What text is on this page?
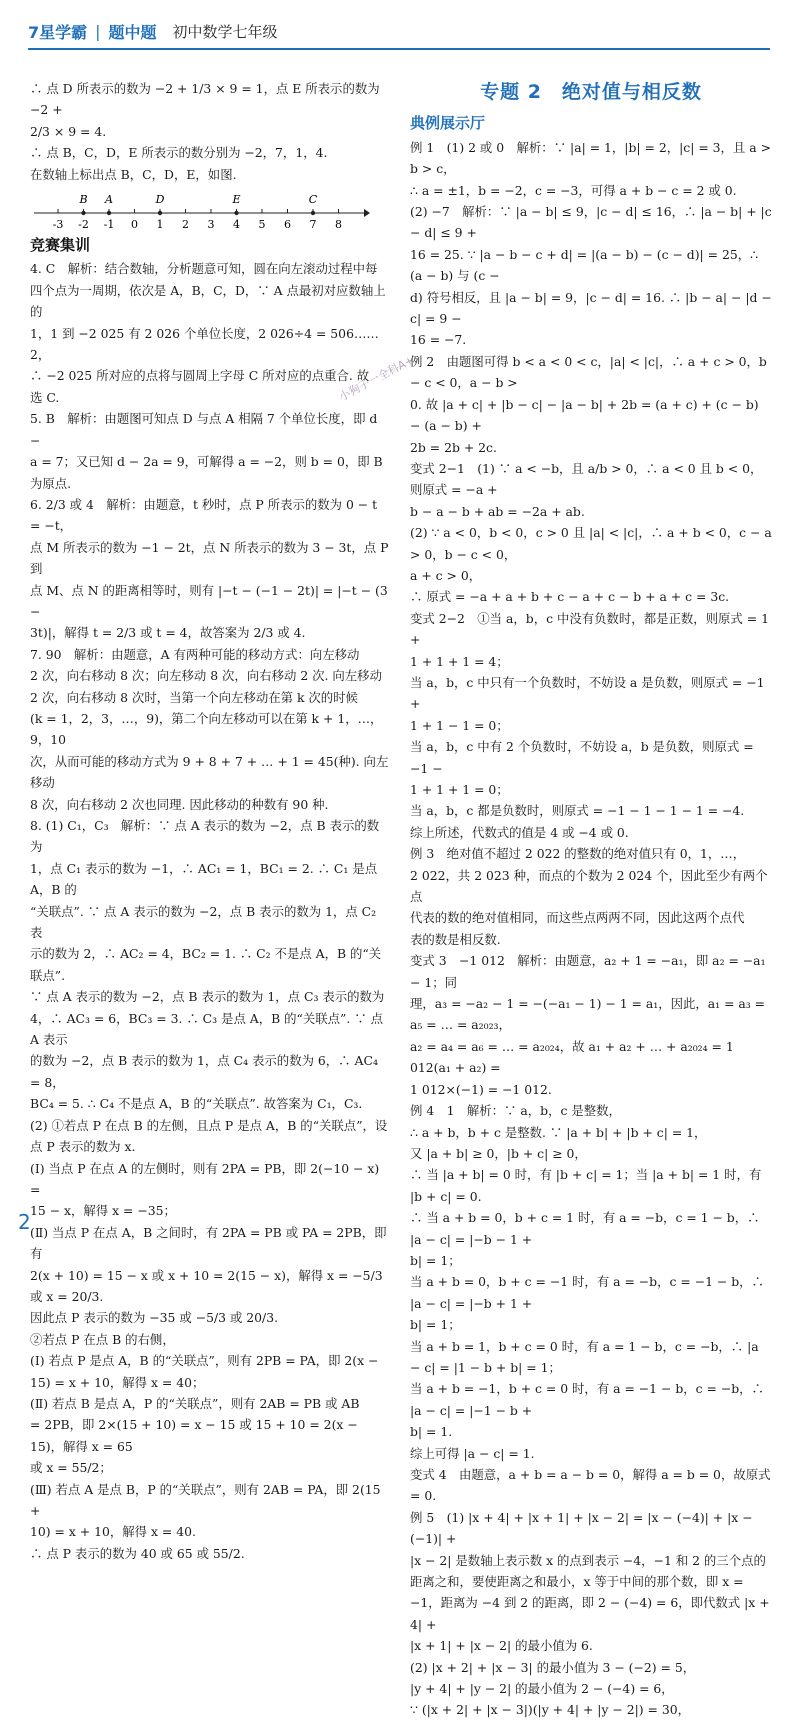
7星学霸 | 题中题 初中数学七年级

∴ 点 D 所表示的数为 −2 + 1/3 × 9 = 1，点 E 所表示的数为 −2 +

2/3 × 9 = 4.

∴ 点 B，C，D，E 所表示的数分别为 −2，7，1，4.

在数轴上标出点 B，C，D，E，如图.

-3 -2 -1 0 1 2 3 4 5 6 7 8
B A	D	E	C
竞赛集训

4. C　解析：结合数轴，分析题意可知，圆在向左滚动过程中每

四个点为一周期，依次是 A，B，C，D，∵ A 点最初对应数轴上的

1，1 到 −2 025 有 2 026 个单位长度，2 026÷4 = 506……2，

∴ −2 025 所对应的点将与圆周上字母 C 所对应的点重合. 故

选 C.

5. B　解析：由题图可知点 D 与点 A 相隔 7 个单位长度，即 d −

a = 7；又已知 d − 2a = 9，可解得 a = −2，则 b = 0，即 B 为原点.

6. 2/3 或 4　解析：由题意，t 秒时，点 P 所表示的数为 0 − t = −t，

点 M 所表示的数为 −1 − 2t，点 N 所表示的数为 3 − 3t，点 P 到

点 M、点 N 的距离相等时，则有 |−t − (−1 − 2t)| = |−t − (3 −

3t)|，解得 t = 2/3 或 t = 4，故答案为 2/3 或 4.

7. 90　解析：由题意，A 有两种可能的移动方式：向左移动

2 次，向右移动 8 次；向左移动 8 次，向右移动 2 次. 向左移动

2 次，向右移动 8 次时，当第一个向左移动在第 k 次的时候

(k = 1，2，3，…，9)，第二个向左移动可以在第 k + 1，…，9，10

次，从而可能的移动方式为 9 + 8 + 7 + … + 1 = 45(种). 向左移动

8 次，向右移动 2 次也同理. 因此移动的种数有 90 种.

8. (1) C₁，C₃　解析：∵ 点 A 表示的数为 −2，点 B 表示的数为

1，点 C₁ 表示的数为 −1，∴ AC₁ = 1，BC₁ = 2. ∴ C₁ 是点 A，B 的

“关联点”. ∵ 点 A 表示的数为 −2，点 B 表示的数为 1，点 C₂ 表

示的数为 2，∴ AC₂ = 4，BC₂ = 1. ∴ C₂ 不是点 A，B 的“关联点”.

∵ 点 A 表示的数为 −2，点 B 表示的数为 1，点 C₃ 表示的数为

4，∴ AC₃ = 6，BC₃ = 3. ∴ C₃ 是点 A，B 的“关联点”. ∵ 点 A 表示

的数为 −2，点 B 表示的数为 1，点 C₄ 表示的数为 6，∴ AC₄ = 8，

BC₄ = 5. ∴ C₄ 不是点 A，B 的“关联点”. 故答案为 C₁，C₃.

(2) ①若点 P 在点 B 的左侧，且点 P 是点 A，B 的“关联点”，设

点 P 表示的数为 x.

(Ⅰ) 当点 P 在点 A 的左侧时，则有 2PA = PB，即 2(−10 − x) =

15 − x，解得 x = −35；

(Ⅱ) 当点 P 在点 A，B 之间时，有 2PA = PB 或 PA = 2PB，即有

2(x + 10) = 15 − x 或 x + 10 = 2(15 − x)，解得 x = −5/3 或 x = 20/3.

因此点 P 表示的数为 −35 或 −5/3 或 20/3.

②若点 P 在点 B 的右侧，

(Ⅰ) 若点 P 是点 A，B 的“关联点”，则有 2PB = PA，即 2(x −

15) = x + 10，解得 x = 40；

(Ⅱ) 若点 B 是点 A，P 的“关联点”，则有 2AB = PB 或 AB

= 2PB，即 2×(15 + 10) = x − 15 或 15 + 10 = 2(x − 15)，解得 x = 65

或 x = 55/2；

(Ⅲ) 若点 A 是点 B，P 的“关联点”，则有 2AB = PA，即 2(15 +

10) = x + 10，解得 x = 40.

∴ 点 P 表示的数为 40 或 65 或 55/2.

专题 2　绝对值与相反数
典例展示厅

例 1　(1) 2 或 0　解析：∵ |a| = 1，|b| = 2，|c| = 3，且 a > b > c，

∴ a = ±1，b = −2，c = −3，可得 a + b − c = 2 或 0.

(2) −7　解析：∵ |a − b| ≤ 9，|c − d| ≤ 16，∴ |a − b| + |c − d| ≤ 9 +

16 = 25. ∵ |a − b − c + d| = |(a − b) − (c − d)| = 25，∴ (a − b) 与 (c −

d) 符号相反，且 |a − b| = 9，|c − d| = 16. ∴ |b − a| − |d − c| = 9 −

16 = −7.

例 2　由题图可得 b < a < 0 < c，|a| < |c|，∴ a + c > 0，b − c < 0，a − b >

0. 故 |a + c| + |b − c| − |a − b| + 2b = (a + c) + (c − b) − (a − b) +

2b = 2b + 2c.

变式 2−1　(1) ∵ a < −b，且 a/b > 0，∴ a < 0 且 b < 0，则原式 = −a +

b − a − b + ab = −2a + ab.

(2) ∵ a < 0，b < 0，c > 0 且 |a| < |c|，∴ a + b < 0，c − a > 0，b − c < 0，

a + c > 0，

∴ 原式 = −a + a + b + c − a + c − b + a + c = 3c.

变式 2−2　①当 a，b，c 中没有负数时，都是正数，则原式 = 1 +

1 + 1 + 1 = 4；

当 a，b，c 中只有一个负数时，不妨设 a 是负数，则原式 = −1 +

1 + 1 − 1 = 0；

当 a，b，c 中有 2 个负数时，不妨设 a，b 是负数，则原式 = −1 −

1 + 1 + 1 = 0；

当 a，b，c 都是负数时，则原式 = −1 − 1 − 1 − 1 = −4.

综上所述，代数式的值是 4 或 −4 或 0.

例 3　绝对值不超过 2 022 的整数的绝对值只有 0，1，…，

2 022，共 2 023 种，而点的个数为 2 024 个，因此至少有两个点

代表的数的绝对值相同，而这些点两两不同，因此这两个点代

表的数是相反数.

变式 3　−1 012　解析：由题意，a₂ + 1 = −a₁，即 a₂ = −a₁ − 1；同

理，a₃ = −a₂ − 1 = −(−a₁ − 1) − 1 = a₁，因此，a₁ = a₃ = a₅ = … = a₂₀₂₃，

a₂ = a₄ = a₆ = … = a₂₀₂₄，故 a₁ + a₂ + … + a₂₀₂₄ = 1 012(a₁ + a₂) =

1 012×(−1) = −1 012.

例 4　1　解析：∵ a，b，c 是整数，

∴ a + b，b + c 是整数. ∵ |a + b| + |b + c| = 1，

又 |a + b| ≥ 0，|b + c| ≥ 0，

∴ 当 |a + b| = 0 时，有 |b + c| = 1；当 |a + b| = 1 时，有 |b + c| = 0.

∴ 当 a + b = 0，b + c = 1 时，有 a = −b，c = 1 − b，∴ |a − c| = |−b − 1 +

b| = 1；

当 a + b = 0，b + c = −1 时，有 a = −b，c = −1 − b，∴ |a − c| = |−b + 1 +

b| = 1；

当 a + b = 1，b + c = 0 时，有 a = 1 − b，c = −b，∴ |a − c| = |1 − b + b| = 1；

当 a + b = −1，b + c = 0 时，有 a = −1 − b，c = −b，∴ |a − c| = |−1 − b +

b| = 1.

综上可得 |a − c| = 1.

变式 4　由题意，a + b = a − b = 0，解得 a = b = 0，故原式 = 0.

例 5　(1) |x + 4| + |x + 1| + |x − 2| = |x − (−4)| + |x − (−1)| +

|x − 2| 是数轴上表示数 x 的点到表示 −4，−1 和 2 的三个点的

距离之和，要使距离之和最小，x 等于中间的那个数，即 x =

−1，距离为 −4 到 2 的距离，即 2 − (−4) = 6，即代数式 |x + 4| +

|x + 1| + |x − 2| 的最小值为 6.

(2) |x + 2| + |x − 3| 的最小值为 3 − (−2) = 5，

|y + 4| + |y − 2| 的最小值为 2 − (−4) = 6，

∵ (|x + 2| + |x − 3|)(|y + 4| + |y − 2|) = 30，

小狗子一全科A+
2
